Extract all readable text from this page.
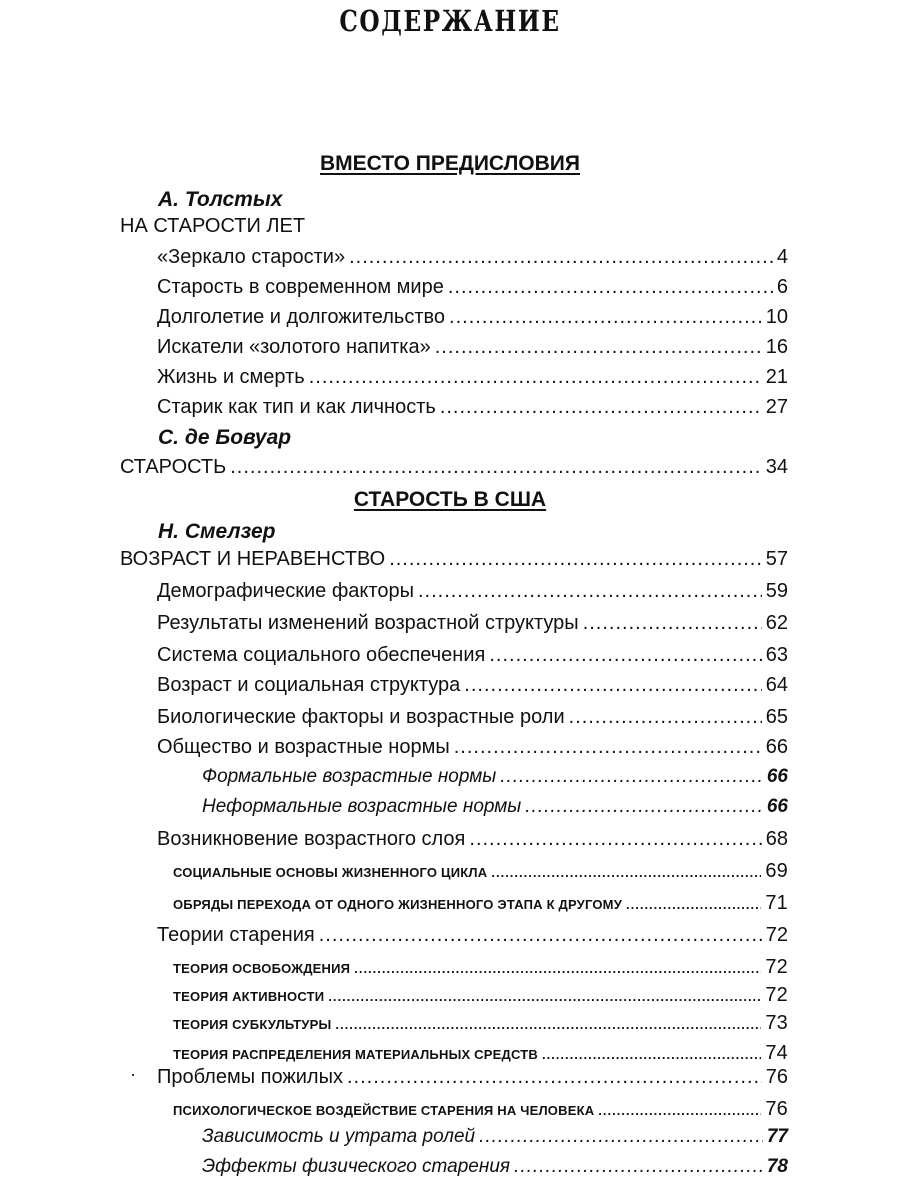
СОДЕРЖАНИЕ
ВМЕСТО ПРЕДИСЛОВИЯ
А. Толстых
НА СТАРОСТИ ЛЕТ
«Зеркало старости» .....	4
Старость в современном мире .....	6
Долголетие и долгожительство .....	10
Искатели «золотого напитка» .....	16
Жизнь и смерть .....	21
Старик как тип и как личность .....	27
С. де Бовуар
СТАРОСТЬ .....	34
СТАРОСТЬ В США
Н. Смелзер
ВОЗРАСТ И НЕРАВЕНСТВО .....	57
Демографические факторы .....	59
Результаты изменений возрастной структуры .....	62
Система социального обеспечения .....	63
Возраст и социальная структура .....	64
Биологические факторы и возрастные роли .....	65
Общество и возрастные нормы .....	66
Формальные возрастные нормы .....	66
Неформальные возрастные нормы .....	66
Возникновение возрастного слоя .....	68
СОЦИАЛЬНЫЕ ОСНОВЫ ЖИЗНЕННОГО ЦИКЛА .....	69
ОБРЯДЫ ПЕРЕХОДА ОТ ОДНОГО ЖИЗНЕННОГО ЭТАПА К ДРУГОМУ .....	71
Теории старения .....	72
ТЕОРИЯ ОСВОБОЖДЕНИЯ .....	72
ТЕОРИЯ АКТИВНОСТИ .....	72
ТЕОРИЯ СУБКУЛЬТУРЫ .....	73
ТЕОРИЯ РАСПРЕДЕЛЕНИЯ МАТЕРИАЛЬНЫХ СРЕДСТВ .....	74
Проблемы пожилых .....	76
·
ПСИХОЛОГИЧЕСКОЕ ВОЗДЕЙСТВИЕ СТАРЕНИЯ НА ЧЕЛОВЕКА .....	76
Зависимость и утрата ролей .....	77
Эффекты физического старения .....	78
